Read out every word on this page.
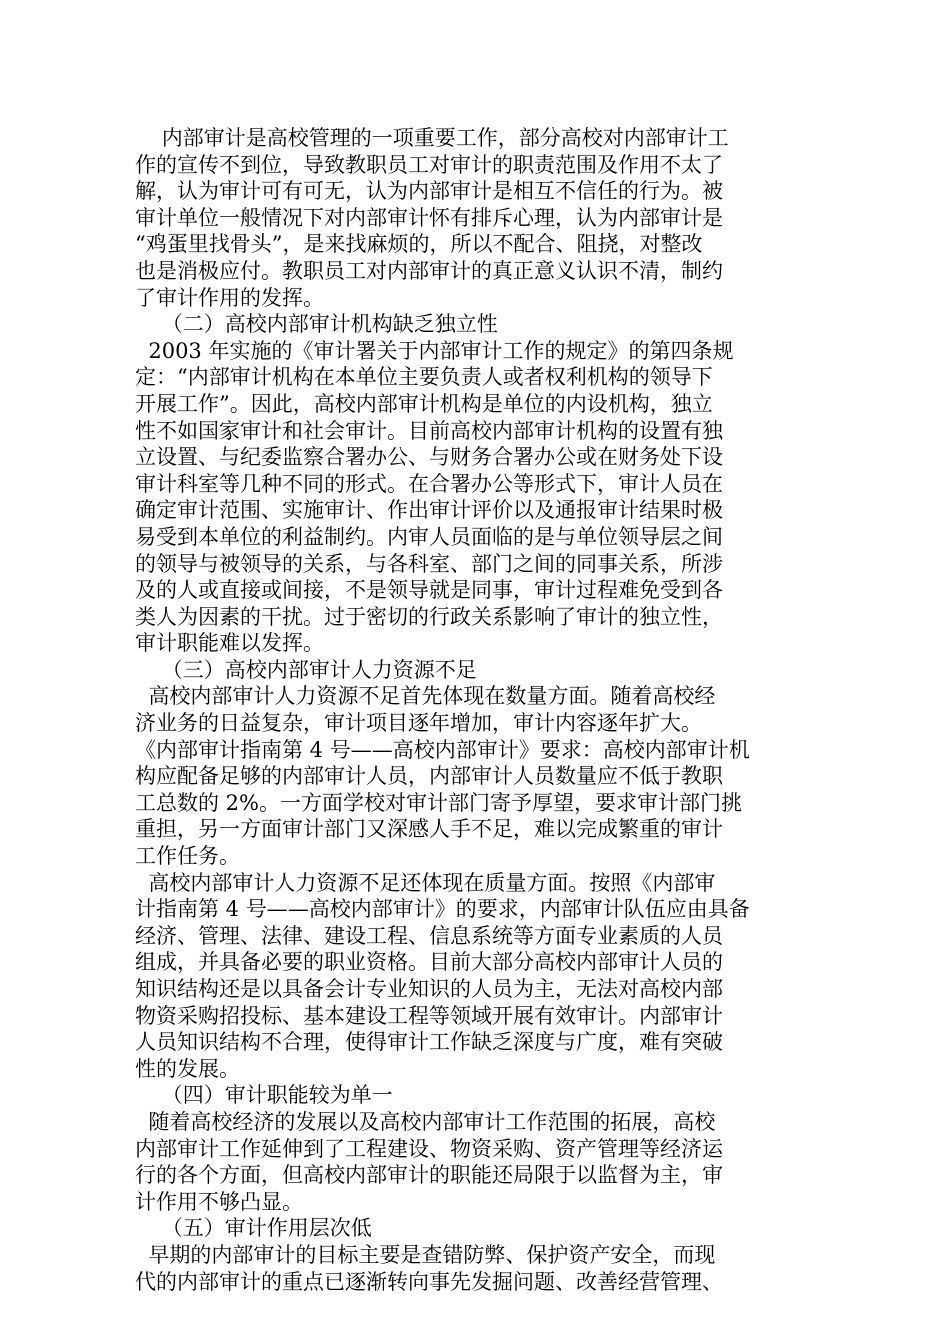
内部审计是高校管理的一项重要工作，部分高校对内部审计工
作的宣传不到位，导致教职员工对审计的职责范围及作用不太了
解，认为审计可有可无，认为内部审计是相互不信任的行为。被
审计单位一般情况下对内部审计怀有排斥心理，认为内部审计是
“鸡蛋里找骨头”，是来找麻烦的，所以不配合、阻挠，对整改
也是消极应付。教职员工对内部审计的真正意义认识不清，制约
了审计作用的发挥。
（二）高校内部审计机构缺乏独立性
2003 年实施的《审计署关于内部审计工作的规定》的第四条规
定：“内部审计机构在本单位主要负责人或者权利机构的领导下
开展工作”。因此，高校内部审计机构是单位的内设机构，独立
性不如国家审计和社会审计。目前高校内部审计机构的设置有独
立设置、与纪委监察合署办公、与财务合署办公或在财务处下设
审计科室等几种不同的形式。在合署办公等形式下，审计人员在
确定审计范围、实施审计、作出审计评价以及通报审计结果时极
易受到本单位的利益制约。内审人员面临的是与单位领导层之间
的领导与被领导的关系，与各科室、部门之间的同事关系，所涉
及的人或直接或间接，不是领导就是同事，审计过程难免受到各
类人为因素的干扰。过于密切的行政关系影响了审计的独立性，
审计职能难以发挥。
（三）高校内部审计人力资源不足
高校内部审计人力资源不足首先体现在数量方面。随着高校经
济业务的日益复杂，审计项目逐年增加，审计内容逐年扩大。
《内部审计指南第 4 号——高校内部审计》要求：高校内部审计机
构应配备足够的内部审计人员，内部审计人员数量应不低于教职
工总数的 2%。一方面学校对审计部门寄予厚望，要求审计部门挑
重担，另一方面审计部门又深感人手不足，难以完成繁重的审计
工作任务。
高校内部审计人力资源不足还体现在质量方面。按照《内部审
计指南第 4 号——高校内部审计》的要求，内部审计队伍应由具备
经济、管理、法律、建设工程、信息系统等方面专业素质的人员
组成，并具备必要的职业资格。目前大部分高校内部审计人员的
知识结构还是以具备会计专业知识的人员为主，无法对高校内部
物资采购招投标、基本建设工程等领域开展有效审计。内部审计
人员知识结构不合理，使得审计工作缺乏深度与广度，难有突破
性的发展。
（四）审计职能较为单一
随着高校经济的发展以及高校内部审计工作范围的拓展，高校
内部审计工作延伸到了工程建设、物资采购、资产管理等经济运
行的各个方面，但高校内部审计的职能还局限于以监督为主，审
计作用不够凸显。
（五）审计作用层次低
早期的内部审计的目标主要是查错防弊、保护资产安全，而现
代的内部审计的重点已逐渐转向事先发掘问题、改善经营管理、
